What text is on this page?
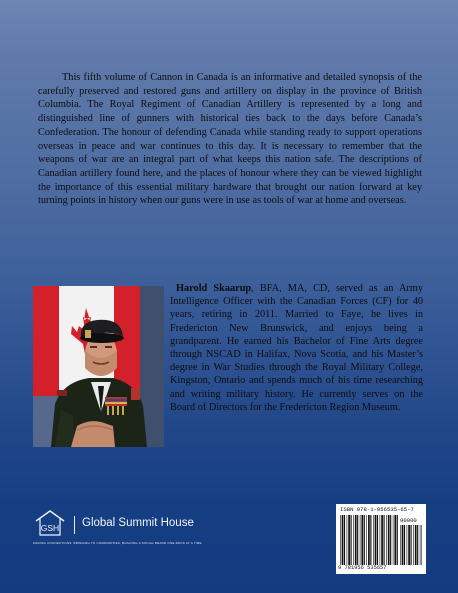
This fifth volume of Cannon in Canada is an informative and detailed synopsis of the carefully preserved and restored guns and artillery on display in the province of British Columbia. The Royal Regiment of Canadian Artillery is represented by a long and distinguished line of gunners with historical ties back to the days before Canada’s Confederation. The honour of defending Canada while standing ready to support operations overseas in peace and war continues to this day. It is necessary to remember that the weapons of war are an integral part of what keeps this nation safe. The descriptions of Canadian artillery found here, and the places of honour where they can be viewed highlight the importance of this essential military hardware that brought our nation forward at key turning points in history when our guns were in use as tools of war at home and overseas.

Harold Skaarup, BFA, MA, CD, served as an Army Intelligence Officer with the Canadian Forces (CF) for 40 years, retiring in 2011. Married to Faye, he lives in Fredericton New Brunswick, and enjoys being a grandparent. He earned his Bachelor of Fine Arts degree through NSCAD in Halifax, Nova Scotia, and his Master’s degree in War Studies through the Royal Military College, Kingston, Ontario and spends much of his time researching and writing military history. He currently serves on the Board of Directors for the Fredericton Region Museum.

GSH Global Summit House
MAKING CONNECTIONS: BRINGING TO COMMUNITIES, BUILDING A SOCIAL BRAND ONE BOOK AT A TIME
ISBN 978-1-956535-65-7
90000
9 781956 535657
